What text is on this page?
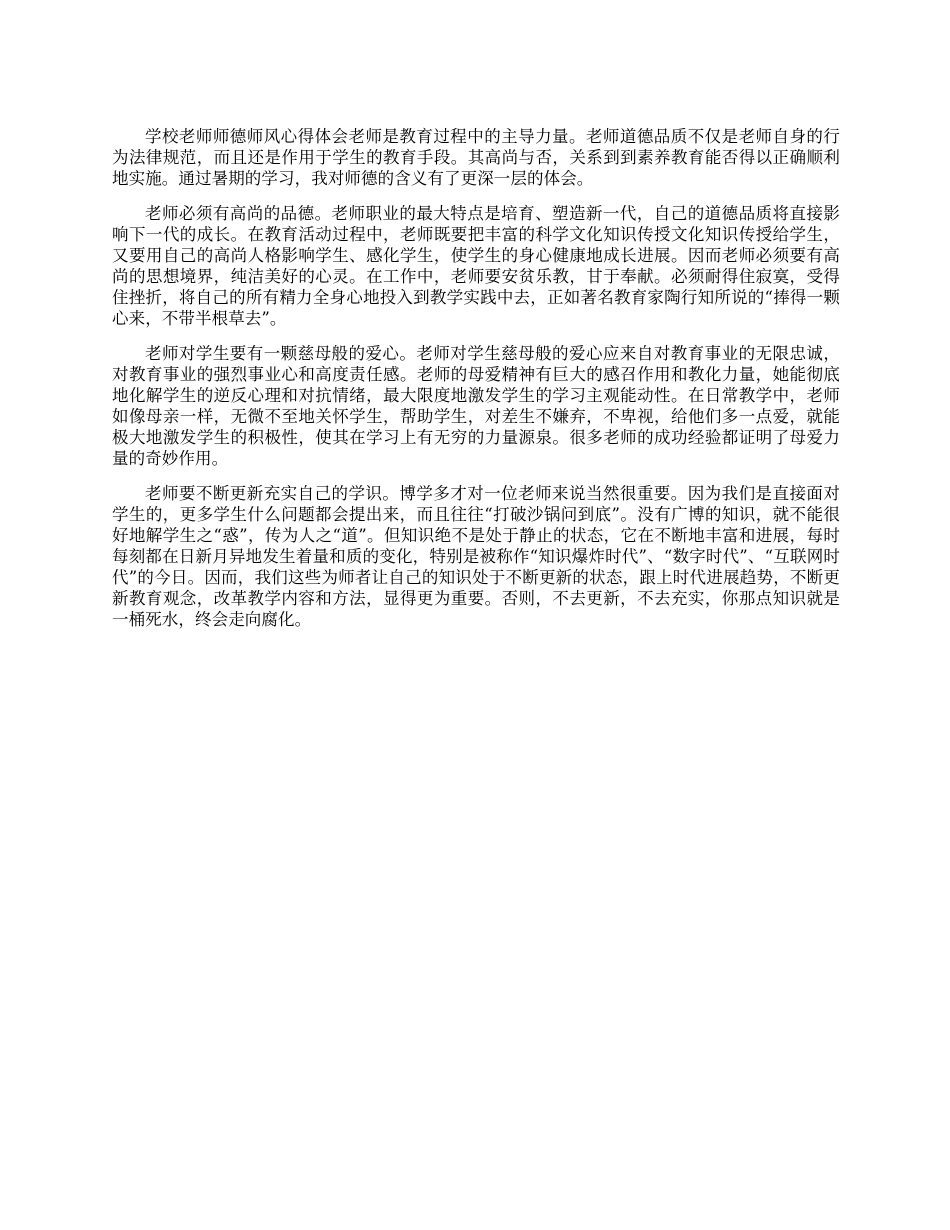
学校老师师德师风心得体会老师是教育过程中的主导力量。老师道德品质不仅是老师自身的行为法律规范，而且还是作用于学生的教育手段。其高尚与否，关系到到素养教育能否得以正确顺利地实施。通过暑期的学习，我对师德的含义有了更深一层的体会。

老师必须有高尚的品德。老师职业的最大特点是培育、塑造新一代，自己的道德品质将直接影响下一代的成长。在教育活动过程中，老师既要把丰富的科学文化知识传授文化知识传授给学生，又要用自己的高尚人格影响学生、感化学生，使学生的身心健康地成长进展。因而老师必须要有高尚的思想境界，纯洁美好的心灵。在工作中，老师要安贫乐教，甘于奉献。必须耐得住寂寞，受得住挫折，将自己的所有精力全身心地投入到教学实践中去，正如著名教育家陶行知所说的“捧得一颗心来，不带半根草去”。

老师对学生要有一颗慈母般的爱心。老师对学生慈母般的爱心应来自对教育事业的无限忠诚，对教育事业的强烈事业心和高度责任感。老师的母爱精神有巨大的感召作用和教化力量，她能彻底地化解学生的逆反心理和对抗情绪，最大限度地激发学生的学习主观能动性。在日常教学中，老师如像母亲一样，无微不至地关怀学生，帮助学生，对差生不嫌弃，不卑视，给他们多一点爱，就能极大地激发学生的积极性，使其在学习上有无穷的力量源泉。很多老师的成功经验都证明了母爱力量的奇妙作用。

老师要不断更新充实自己的学识。博学多才对一位老师来说当然很重要。因为我们是直接面对学生的，更多学生什么问题都会提出来，而且往往“打破沙锅问到底”。没有广博的知识，就不能很好地解学生之“惑”，传为人之“道”。但知识绝不是处于静止的状态，它在不断地丰富和进展，每时每刻都在日新月异地发生着量和质的变化，特别是被称作“知识爆炸时代”、“数字时代”、“互联网时代”的今日。因而，我们这些为师者让自己的知识处于不断更新的状态，跟上时代进展趋势，不断更新教育观念，改革教学内容和方法，显得更为重要。否则，不去更新，不去充实，你那点知识就是一桶死水，终会走向腐化。
